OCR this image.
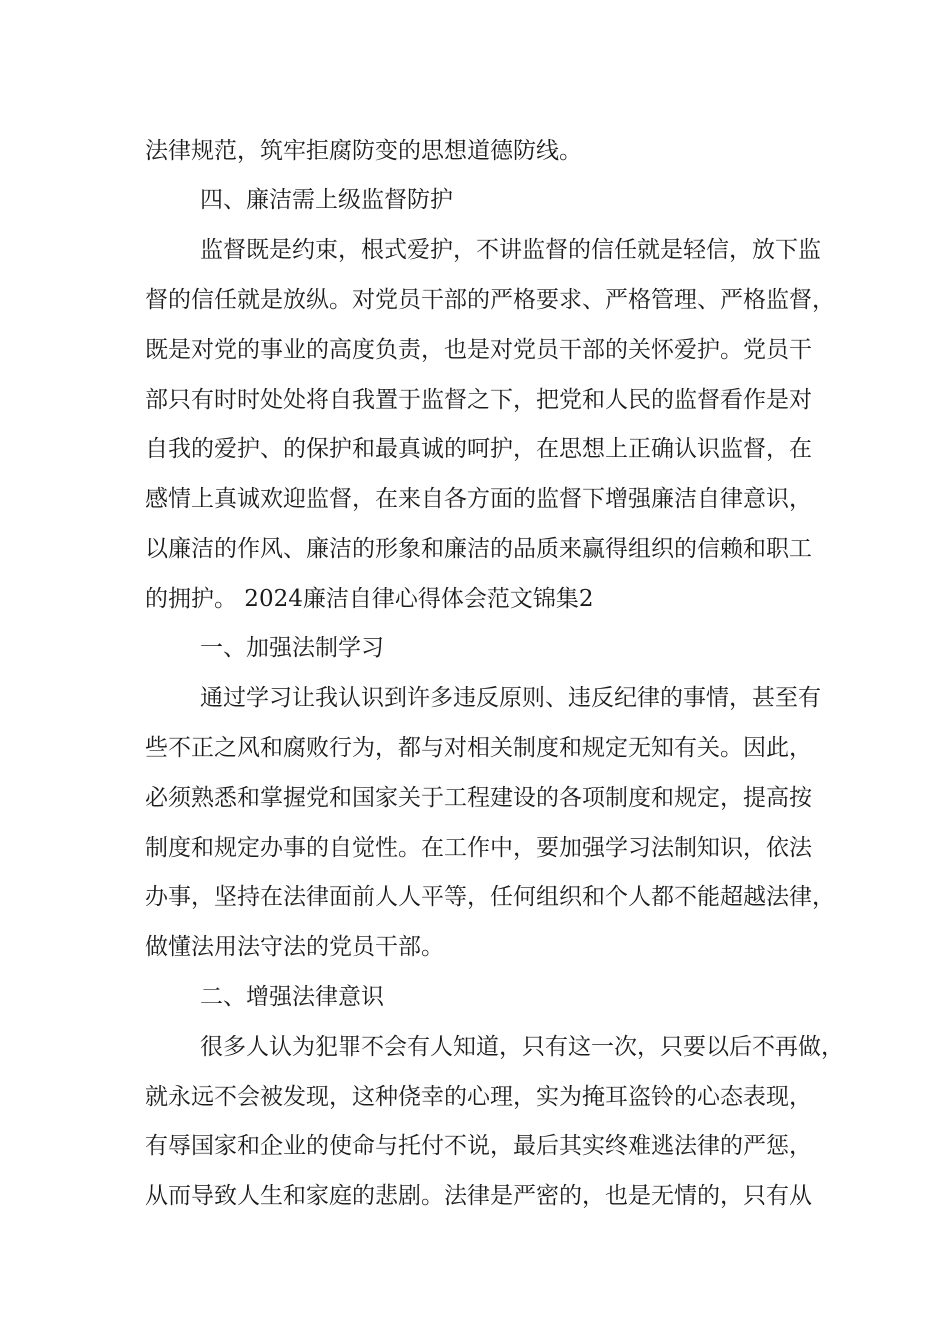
法律规范，筑牢拒腐防变的思想道德防线。
四、廉洁需上级监督防护
监督既是约束，根式爱护，不讲监督的信任就是轻信，放下监
督的信任就是放纵。对党员干部的严格要求、严格管理、严格监督，
既是对党的事业的高度负责，也是对党员干部的关怀爱护。党员干
部只有时时处处将自我置于监督之下，把党和人民的监督看作是对
自我的爱护、的保护和最真诚的呵护，在思想上正确认识监督，在
感情上真诚欢迎监督，在来自各方面的监督下增强廉洁自律意识，
以廉洁的作风、廉洁的形象和廉洁的品质来赢得组织的信赖和职工
的拥护。 2024廉洁自律心得体会范文锦集2
一、加强法制学习
通过学习让我认识到许多违反原则、违反纪律的事情，甚至有
些不正之风和腐败行为，都与对相关制度和规定无知有关。因此，
必须熟悉和掌握党和国家关于工程建设的各项制度和规定，提高按
制度和规定办事的自觉性。在工作中，要加强学习法制知识，依法
办事，坚持在法律面前人人平等，任何组织和个人都不能超越法律，
做懂法用法守法的党员干部。
二、增强法律意识
很多人认为犯罪不会有人知道，只有这一次，只要以后不再做，
就永远不会被发现，这种侥幸的心理，实为掩耳盗铃的心态表现，
有辱国家和企业的使命与托付不说，最后其实终难逃法律的严惩，
从而导致人生和家庭的悲剧。法律是严密的，也是无情的，只有从
